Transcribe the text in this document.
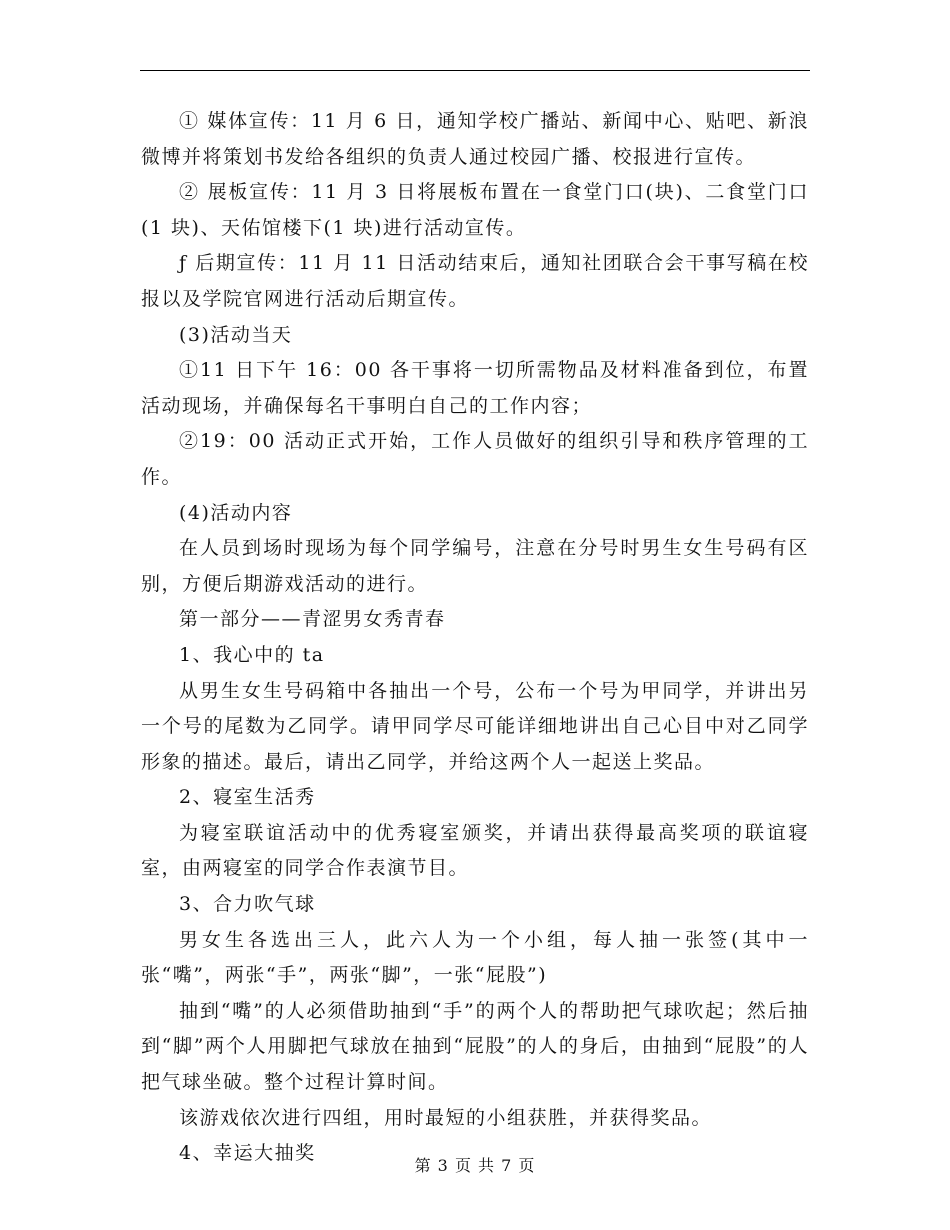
① 媒体宣传：11 月 6 日，通知学校广播站、新闻中心、贴吧、新浪微博并将策划书发给各组织的负责人通过校园广播、校报进行宣传。

② 展板宣传：11 月 3 日将展板布置在一食堂门口(块)、二食堂门口(1 块)、天佑馆楼下(1 块)进行活动宣传。

ƒ 后期宣传：11 月 11 日活动结束后，通知社团联合会干事写稿在校报以及学院官网进行活动后期宣传。

(3)活动当天

①11 日下午 16：00 各干事将一切所需物品及材料准备到位，布置活动现场，并确保每名干事明白自己的工作内容；

②19：00 活动正式开始，工作人员做好的组织引导和秩序管理的工作。

(4)活动内容

在人员到场时现场为每个同学编号，注意在分号时男生女生号码有区别，方便后期游戏活动的进行。

第一部分——青涩男女秀青春

1、我心中的 ta

从男生女生号码箱中各抽出一个号，公布一个号为甲同学，并讲出另一个号的尾数为乙同学。请甲同学尽可能详细地讲出自己心目中对乙同学形象的描述。最后，请出乙同学，并给这两个人一起送上奖品。

2、寝室生活秀

为寝室联谊活动中的优秀寝室颁奖，并请出获得最高奖项的联谊寝室，由两寝室的同学合作表演节目。

3、合力吹气球

男女生各选出三人，此六人为一个小组，每人抽一张签(其中一张“嘴”，两张“手”，两张“脚”，一张“屁股”)

抽到“嘴”的人必须借助抽到“手”的两个人的帮助把气球吹起；然后抽到“脚”两个人用脚把气球放在抽到“屁股”的人的身后，由抽到“屁股”的人把气球坐破。整个过程计算时间。

该游戏依次进行四组，用时最短的小组获胜，并获得奖品。

4、幸运大抽奖

第 3 页 共 7 页
